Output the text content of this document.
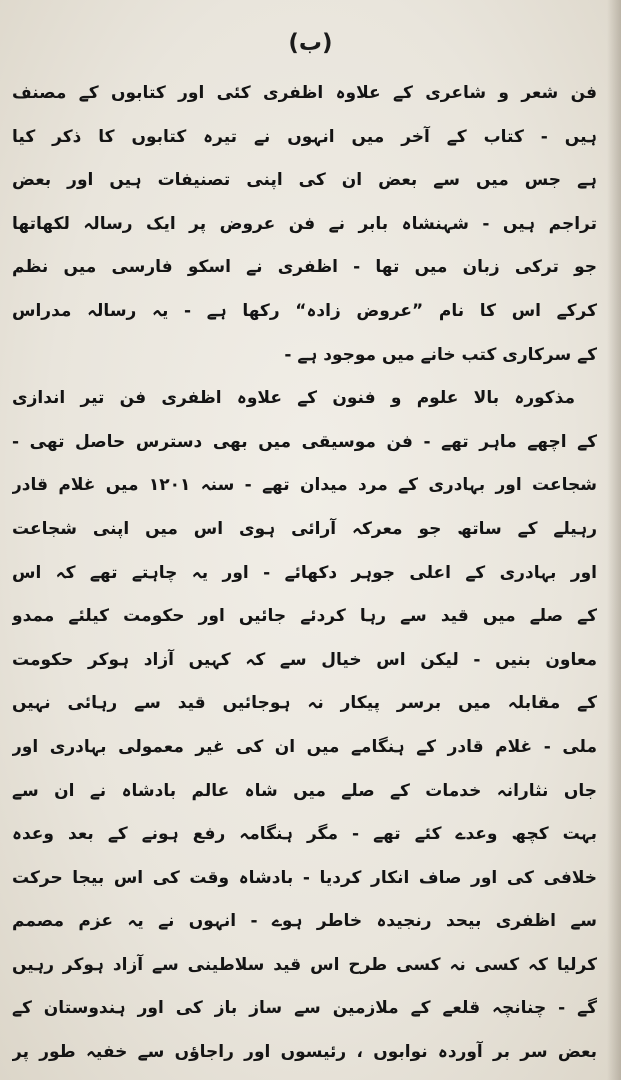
(ب)
فن شعر و شاعری کے علاوہ اظفری کئی اور کتابوں کے مصنف
ہیں - کتاب کے آخر میں انہوں نے تیرہ کتابوں کا ذکر کیا
ہے جس میں سے بعض ان کی اپنی تصنیفات ہیں اور بعض
تراجم ہیں - شہنشاہ بابر نے فن عروض پر ایک رسالہ لکھاتھا
جو ترکی زبان میں تھا - اظفری نے اسکو فارسی میں نظم
کرکے اس کا نام ”عروض زادہ“ رکھا ہے - یہ رسالہ مدراس
کے سرکاری کتب خانے میں موجود ہے -
مذکورہ بالا علوم و فنون کے علاوہ اظفری فن تیر اندازی
کے اچھے ماہر تھے - فن موسیقی میں بھی دسترس حاصل تھی -
شجاعت اور بہادری کے مرد میدان تھے - سنہ ۱۲۰۱ میں غلام قادر
رہیلے کے ساتھ جو معرکہ آرائی ہوی اس میں اپنی شجاعت
اور بہادری کے اعلی جوہر دکھائے - اور یہ چاہتے تھے کہ اس
کے صلے میں قید سے رہا کردئے جائیں اور حکومت کیلئے ممدو
معاون بنیں - لیکن اس خیال سے کہ کہیں آزاد ہوکر حکومت
کے مقابلہ میں برسر پیکار نہ ہوجائیں قید سے رہائی نہیں
ملی - غلام قادر کے ہنگامے میں ان کی غیر معمولی بہادری اور
جاں نثارانہ خدمات کے صلے میں شاہ عالم بادشاہ نے ان سے
بہت کچھ وعدے کئے تھے - مگر ہنگامہ رفع ہونے کے بعد وعدہ
خلافی کی اور صاف انکار کردیا - بادشاہ وقت کی اس بیجا حرکت
سے اظفری بیحد رنجیدہ خاطر ہوے - انہوں نے یہ عزم مصمم
کرلیا کہ کسی نہ کسی طرح اس قید سلاطینی سے آزاد ہوکر رہیں
گے - چنانچہ قلعے کے ملازمین سے ساز باز کی اور ہندوستان کے
بعض سر بر آوردہ نوابوں ، رئیسوں اور راجاؤں سے خفیہ طور پر
